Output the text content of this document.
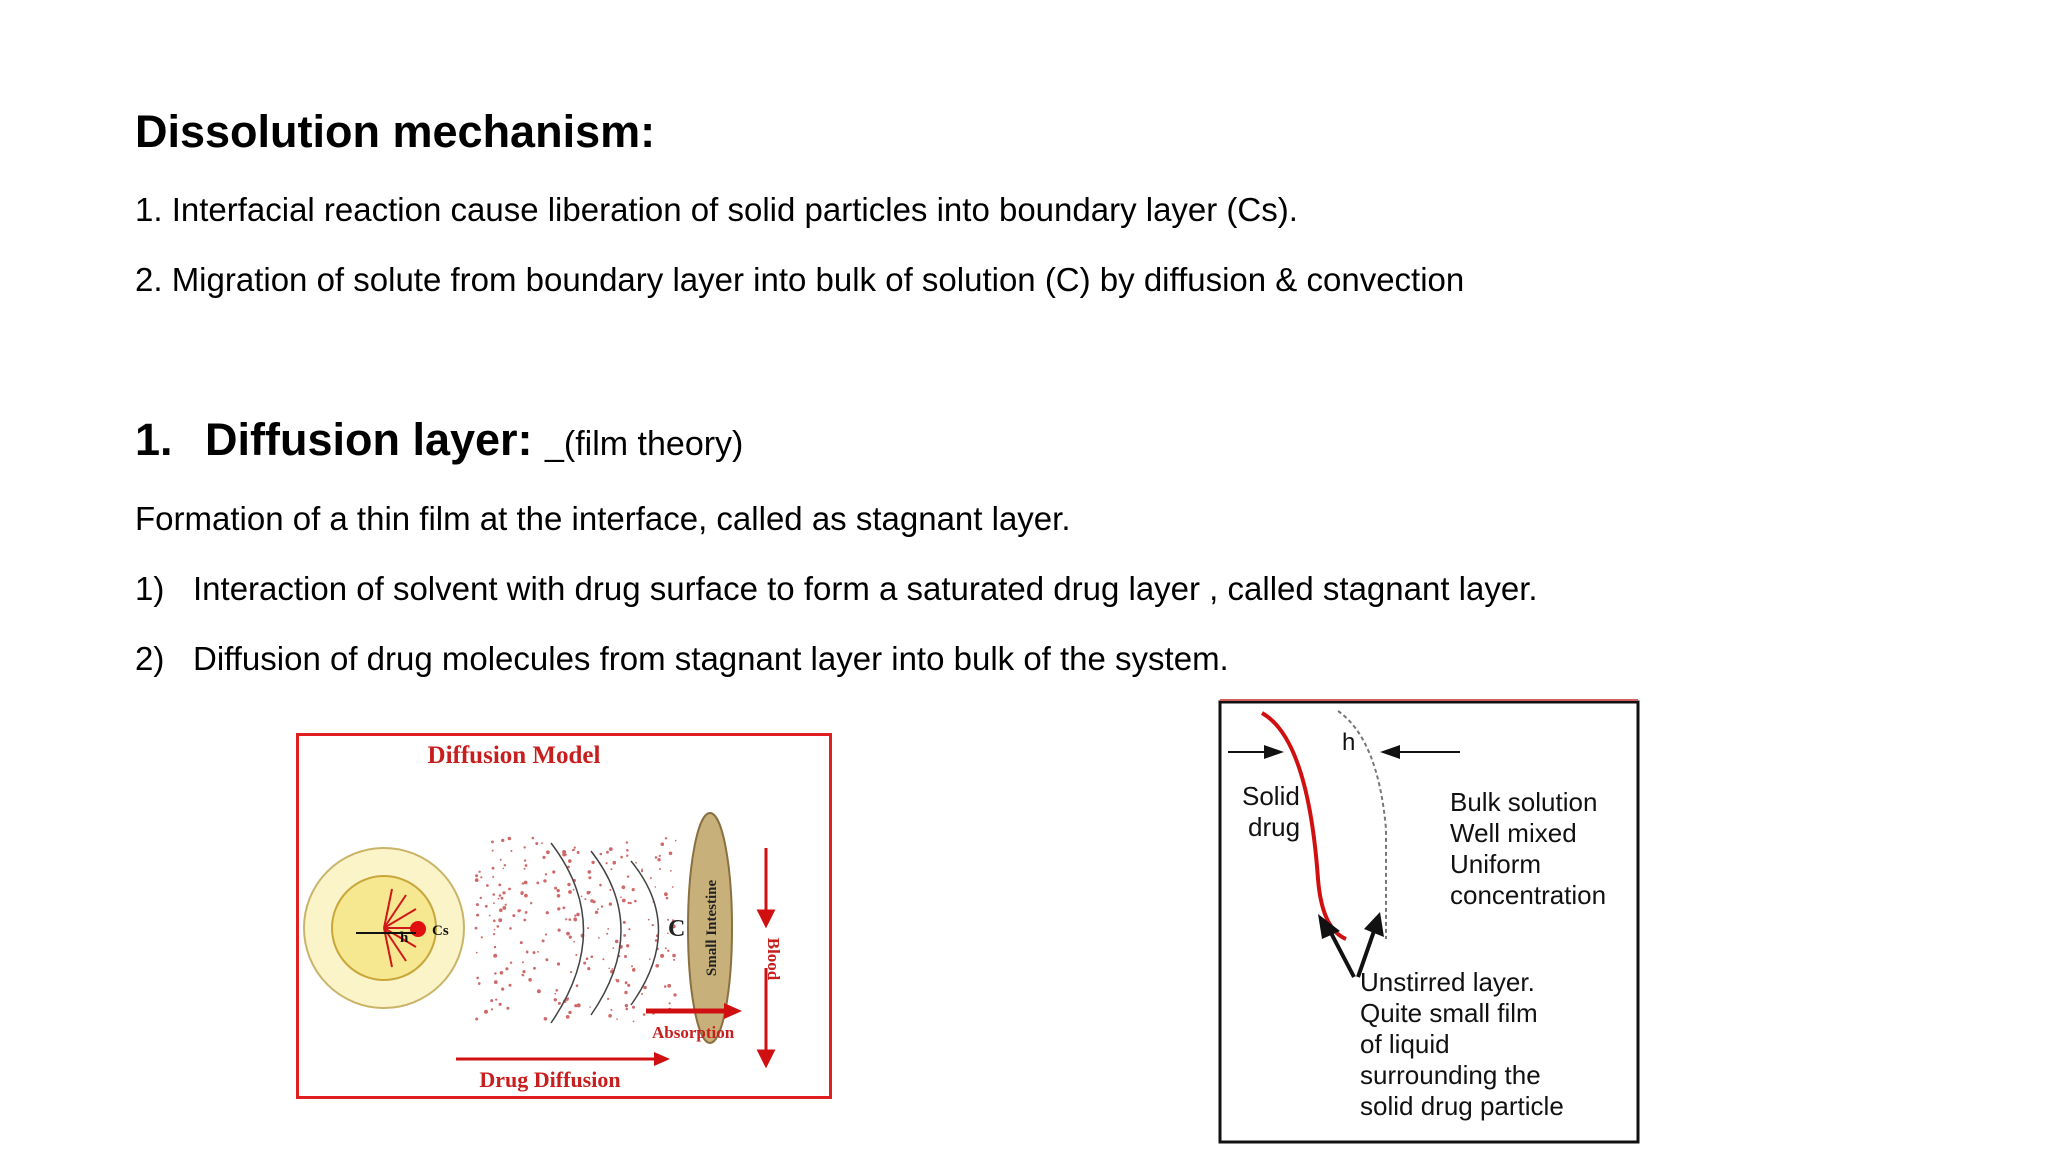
Dissolution mechanism:
1. Interfacial reaction cause liberation of solid particles into boundary layer (Cs).
2. Migration of solute from boundary layer into bulk of solution (C) by diffusion & convection
1. Diffusion layer: _(film theory)
Formation of a thin film at the interface, called as stagnant layer.
1) Interaction of solvent with drug surface to form a saturated drug layer , called stagnant layer.
2) Diffusion of drug molecules from stagnant layer into bulk of the system.
Diffusion Model
h Cs	C Small Intestine	Blood
Absorption
Drug Diffusion
h
Solid
drug
Bulk solution
Well mixed
Uniform
concentration
Unstirred layer.
Quite small film
of liquid
surrounding the
solid drug particle
